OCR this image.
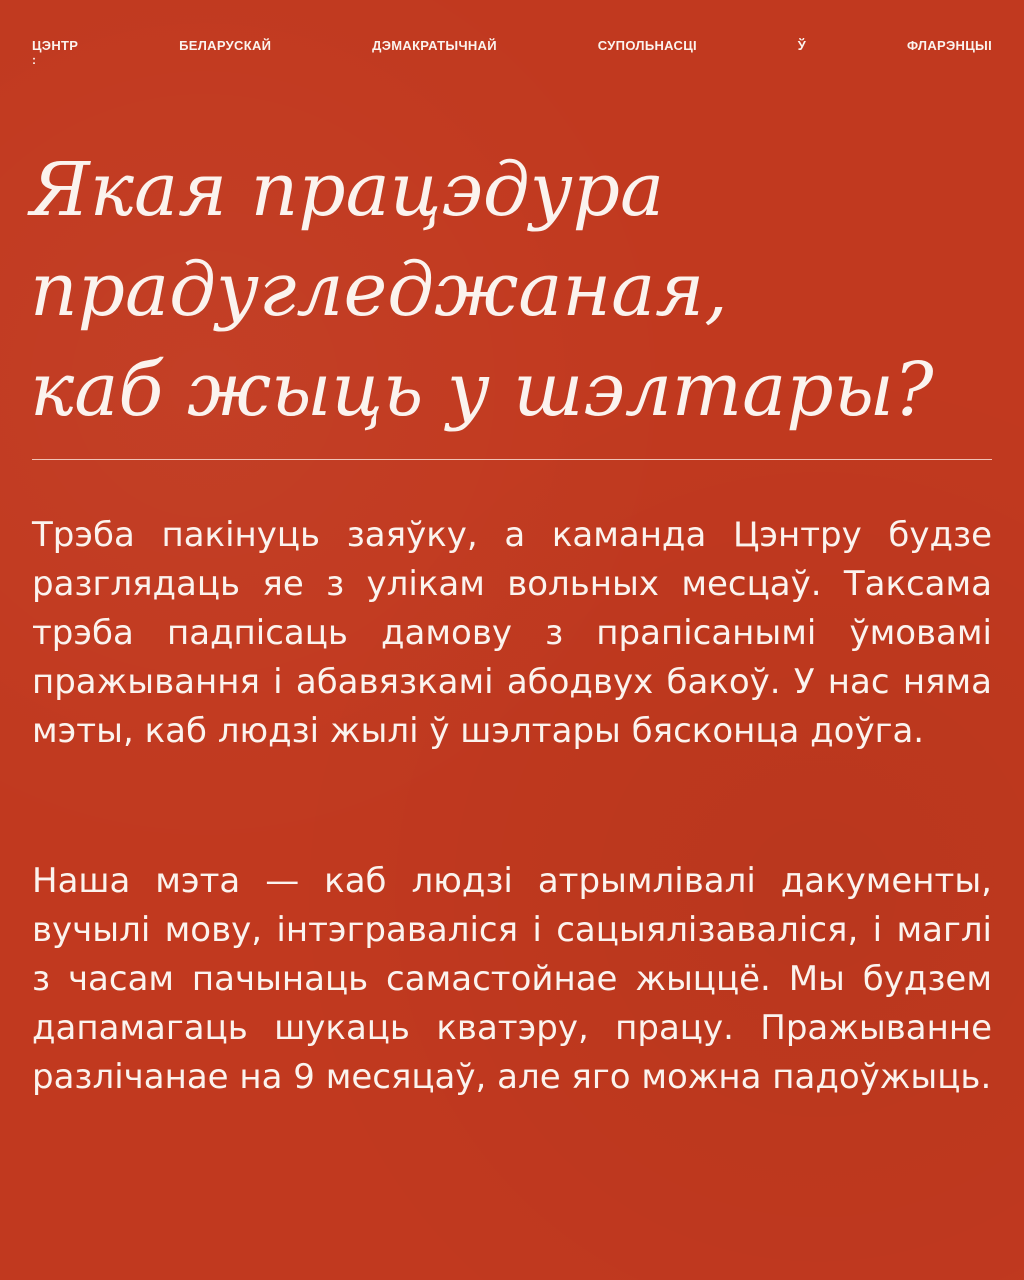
ЦЭНТР
:
БЕЛАРУСКАЙ	ДЭМАКРАТЫЧНАЙ	СУПОЛЬНАСЦІ	Ў	ФЛАРЭНЦЫІ
Якая працэдура
прадугледжаная,
каб жыць у шэлтары?

Трэба пакінуць заяўку, а каманда Цэнтру будзе разглядаць яе з улікам вольных месцаў. Таксама трэба падпісаць дамову з прапісанымі ўмовамі пражывання і абавязкамі абодвух бакоў. У нас няма мэты, каб людзі жылі ў шэлтары бясконца доўга.

Наша мэта — каб людзі атрымлівалі дакументы, вучылі мову, інтэграваліся і сацыялізаваліся, і маглі з часам пачынаць самастойнае жыццё. Мы будзем дапамагаць шукаць кватэру, працу. Пражыванне разлічанае на 9 месяцаў, але яго можна падоўжыць.
